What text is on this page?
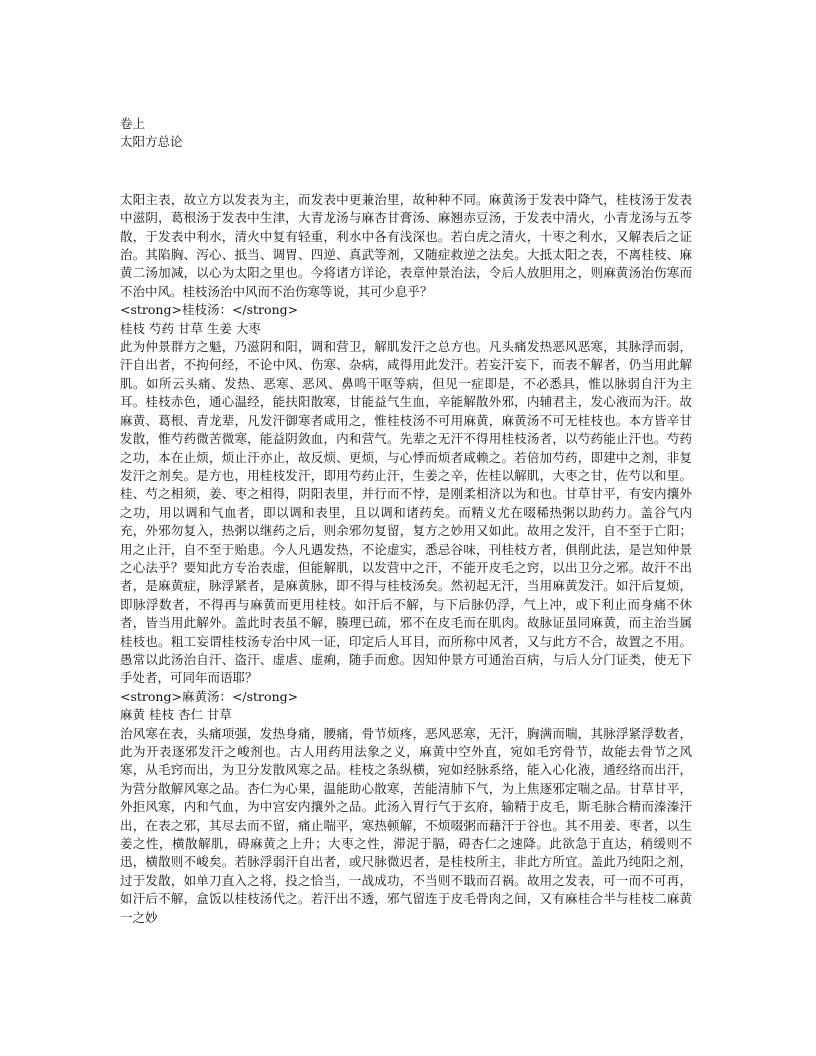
卷上
太阳方总论

太阳主表，故立方以发表为主，而发表中更兼治里，故种种不同。麻黄汤于发表中降气，桂枝汤于发表中滋阴，葛根汤于发表中生津，大青龙汤与麻杏甘膏汤、麻翘赤豆汤，于发表中清火，小青龙汤与五苓散，于发表中利水，清火中复有轻重，利水中各有浅深也。若白虎之清火，十枣之利水，又解表后之证治。其陷胸、泻心、抵当、调胃、四逆、真武等剂，又随症救逆之法矣。大抵太阳之表，不离桂枝、麻黄二汤加减，以心为太阳之里也。今将诸方详论，表章仲景治法，令后人放胆用之，则麻黄汤治伤寒而不治中风。桂枝汤治中风而不治伤寒等说，其可少息乎？

<strong>桂枝汤：</strong>
桂枝 芍药 甘草 生姜 大枣

此为仲景群方之魁，乃滋阴和阳，调和营卫，解肌发汗之总方也。凡头痛发热恶风恶寒，其脉浮而弱，汗自出者，不拘何经，不论中风、伤寒、杂病，咸得用此发汗。若妄汗妄下，而表不解者，仍当用此解肌。如所云头痛、发热、恶寒、恶风、鼻鸣干呕等病，但见一症即是，不必悉具，惟以脉弱自汗为主耳。桂枝赤色，通心温经，能扶阳散寒，甘能益气生血，辛能解散外邪，内辅君主，发心液而为汗。故麻黄、葛根、青龙辈，凡发汗御寒者咸用之，惟桂枝汤不可用麻黄，麻黄汤不可无桂枝也。本方皆辛甘发散，惟芍药微苦微寒，能益阴敛血，内和营气。先辈之无汗不得用桂枝汤者，以芍药能止汗也。芍药之功，本在止烦，烦止汗亦止，故反烦、更烦，与心悸而烦者咸赖之。若倍加芍药，即建中之剂，非复发汗之剂矣。是方也，用桂枝发汗，即用芍药止汗，生姜之辛，佐桂以解肌，大枣之甘，佐芍以和里。桂、芍之相须，姜、枣之相得，阴阳表里，并行而不悖，是刚柔相济以为和也。甘草甘平，有安内攘外之功，用以调和气血者，即以调和表里，且以调和诸药矣。而精义尤在啜稀热粥以助药力。盖谷气内充，外邪勿复入，热粥以继药之后，则余邪勿复留，复方之妙用又如此。故用之发汗，自不至于亡阳；用之止汗，自不至于贻患。今人凡遇发热，不论虚实，悉忌谷味，刊桂枝方者，俱削此法，是岂知仲景之心法乎？要知此方专治表虚，但能解肌，以发营中之汗，不能开皮毛之窍，以出卫分之邪。故汗不出者，是麻黄症，脉浮紧者，是麻黄脉，即不得与桂枝汤矣。然初起无汗，当用麻黄发汗。如汗后复烦，即脉浮数者，不得再与麻黄而更用桂枝。如汗后不解，与下后脉仍浮，气上冲，或下利止而身痛不休者，皆当用此解外。盖此时表虽不解，腠理已疏，邪不在皮毛而在肌肉。故脉证虽同麻黄，而主治当属桂枝也。粗工妄谓桂枝汤专治中风一证，印定后人耳目，而所称中风者，又与此方不合，故置之不用。愚常以此汤治自汗、盗汗、虚虐、虚痢，随手而愈。因知仲景方可通治百病，与后人分门证类，使无下手处者，可同年而语耶？

<strong>麻黄汤：</strong>
麻黄 桂枝 杏仁 甘草

治风寒在表，头痛项强，发热身痛，腰痛，骨节烦疼，恶风恶寒，无汗，胸满而喘，其脉浮紧浮数者，此为开表逐邪发汗之峻剂也。古人用药用法象之义，麻黄中空外直，宛如毛窍骨节，故能去骨节之风寒，从毛窍而出，为卫分发散风寒之品。桂枝之条纵横，宛如经脉系络，能入心化液，通经络而出汗，为营分散解风寒之品。杏仁为心果，温能助心散寒，苦能清肺下气，为上焦逐邪定喘之品。甘草甘平，外拒风寒，内和气血，为中宫安内攘外之品。此汤入胃行气于玄府，输精于皮毛，斯毛脉合精而溱溱汗出，在表之邪，其尽去而不留，痛止喘平，寒热顿解，不烦啜粥而藉汗于谷也。其不用姜、枣者，以生姜之性，横散解肌，碍麻黄之上升；大枣之性，滞泥于膈，碍杏仁之速降。此欲急于直达，稍缓则不迅，横散则不峻矣。若脉浮弱汗自出者，或尺脉微迟者，是桂枝所主，非此方所宜。盖此乃纯阳之剂，过于发散，如单刀直入之将，投之恰当，一战成功，不当则不戢而召祸。故用之发表，可一而不可再，如汗后不解，盒饭以桂枝汤代之。若汗出不透，邪气留连于皮毛骨肉之间，又有麻桂合半与桂枝二麻黄一之妙
